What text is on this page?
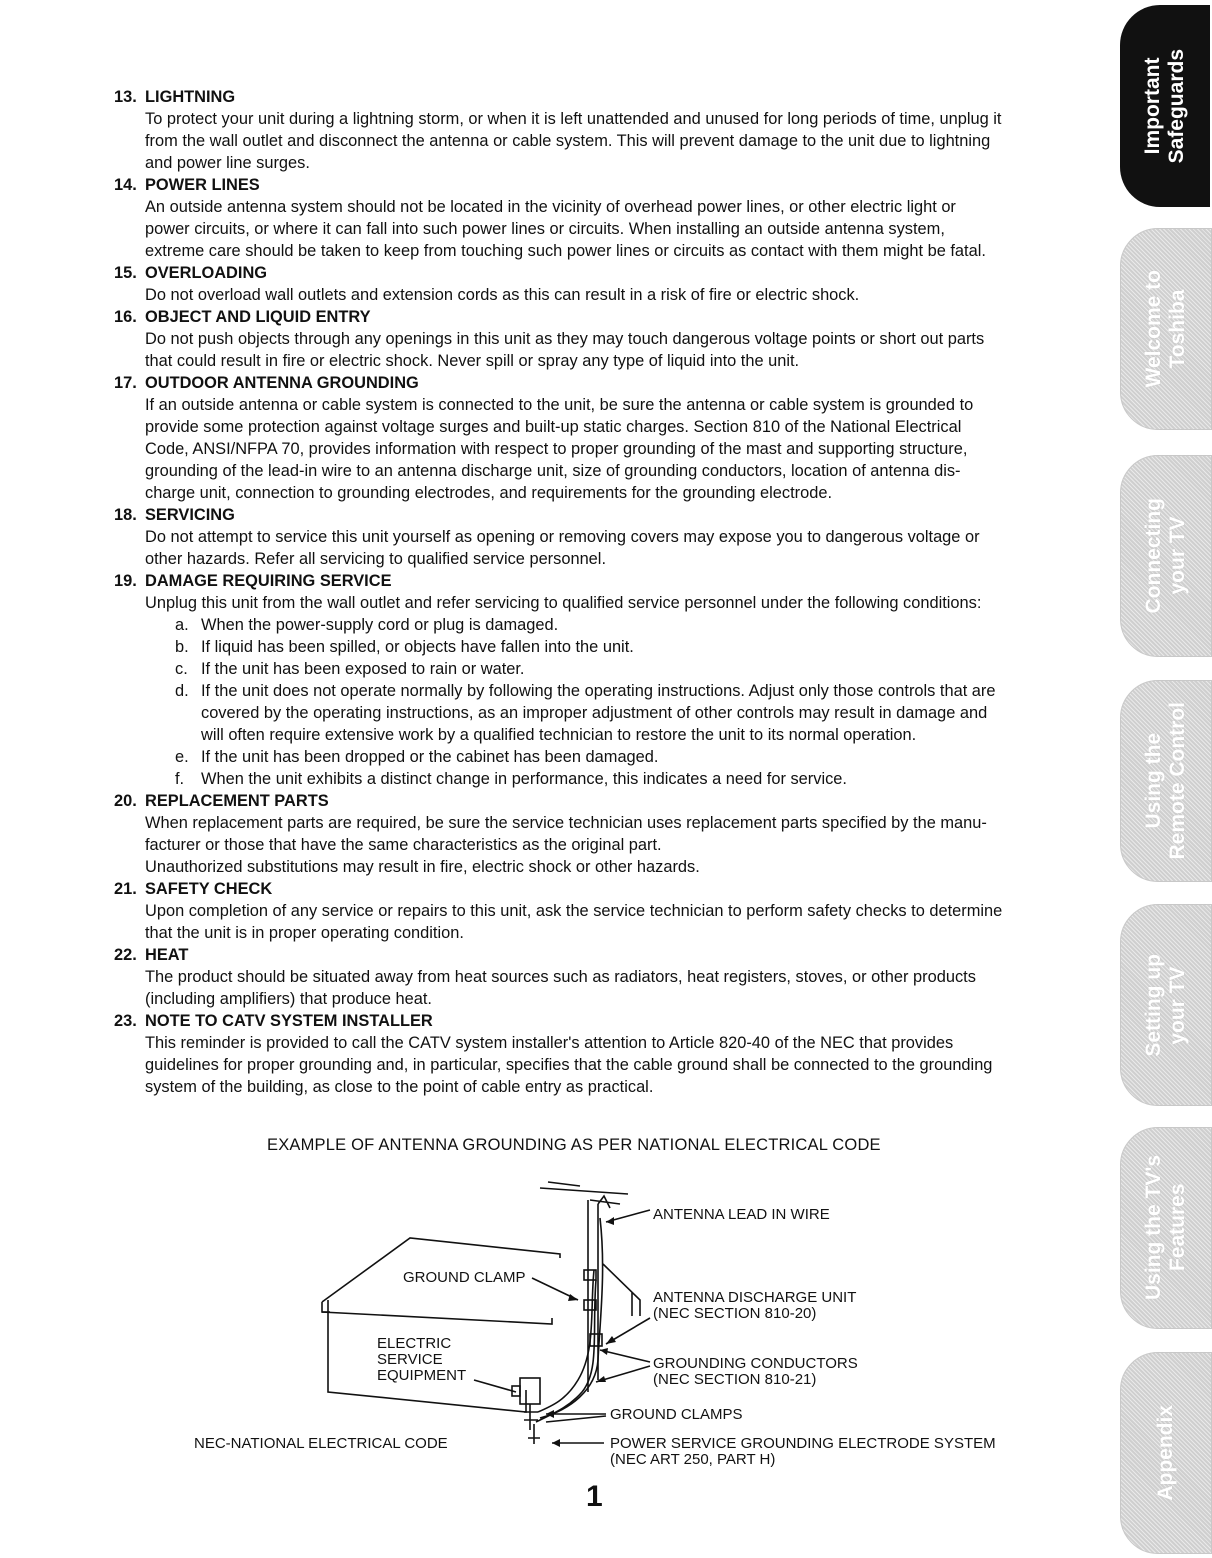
13. LIGHTNING
To protect your unit during a lightning storm, or when it is left unattended and unused for long periods of time, unplug it
from the wall outlet and disconnect the antenna or cable system. This will prevent damage to the unit due to lightning
and power line surges.
14. POWER LINES
An outside antenna system should not be located in the vicinity of overhead power lines, or other electric light or
power circuits, or where it can fall into such power lines or circuits. When installing an outside antenna system,
extreme care should be taken to keep from touching such power lines or circuits as contact with them might be fatal.
15. OVERLOADING
Do not overload wall outlets and extension cords as this can result in a risk of fire or electric shock.
16. OBJECT AND LIQUID ENTRY
Do not push objects through any openings in this unit as they may touch dangerous voltage points or short out parts
that could result in fire or electric shock. Never spill or spray any type of liquid into the unit.
17. OUTDOOR ANTENNA GROUNDING
If an outside antenna or cable system is connected to the unit, be sure the antenna or cable system is grounded to
provide some protection against voltage surges and built-up static charges. Section 810 of the National Electrical
Code, ANSI/NFPA 70, provides information with respect to proper grounding of the mast and supporting structure,
grounding of the lead-in wire to an antenna discharge unit, size of grounding conductors, location of antenna dis-
charge unit, connection to grounding electrodes, and requirements for the grounding electrode.
18. SERVICING
Do not attempt to service this unit yourself as opening or removing covers may expose you to dangerous voltage or
other hazards. Refer all servicing to qualified service personnel.
19. DAMAGE REQUIRING SERVICE
Unplug this unit from the wall outlet and refer servicing to qualified service personnel under the following conditions:
a. When the power-supply cord or plug is damaged.
b. If liquid has been spilled, or objects have fallen into the unit.
c. If the unit has been exposed to rain or water.
d. If the unit does not operate normally by following the operating instructions. Adjust only those controls that are
covered by the operating instructions, as an improper adjustment of other controls may result in damage and
will often require extensive work by a qualified technician to restore the unit to its normal operation.
e. If the unit has been dropped or the cabinet has been damaged.
f. When the unit exhibits a distinct change in performance, this indicates a need for service.
20. REPLACEMENT PARTS
When replacement parts are required, be sure the service technician uses replacement parts specified by the manu-
facturer or those that have the same characteristics as the original part.
Unauthorized substitutions may result in fire, electric shock or other hazards.
21. SAFETY CHECK
Upon completion of any service or repairs to this unit, ask the service technician to perform safety checks to determine
that the unit is in proper operating condition.
22. HEAT
The product should be situated away from heat sources such as radiators, heat registers, stoves, or other products
(including amplifiers) that produce heat.
23. NOTE TO CATV SYSTEM INSTALLER
This reminder is provided to call the CATV system installer's attention to Article 820-40 of the NEC that provides
guidelines for proper grounding and, in particular, specifies that the cable ground shall be connected to the grounding
system of the building, as close to the point of cable entry as practical.
EXAMPLE OF ANTENNA GROUNDING AS PER NATIONAL ELECTRICAL CODE
ANTENNA LEAD IN WIRE
GROUND CLAMP
ELECTRIC
SERVICE
EQUIPMENT
ANTENNA DISCHARGE UNIT
(NEC SECTION 810-20)
GROUNDING CONDUCTORS
(NEC SECTION 810-21)
GROUND CLAMPS
NEC-NATIONAL ELECTRICAL CODE	POWER SERVICE GROUNDING ELECTRODE SYSTEM
(NEC ART 250, PART H)
1
Important
Safeguards
Welcome to
Toshiba
Connecting
your TV
Using the
Remote Control
Setting up
your TV
Using the TV's
Features
Appendix
